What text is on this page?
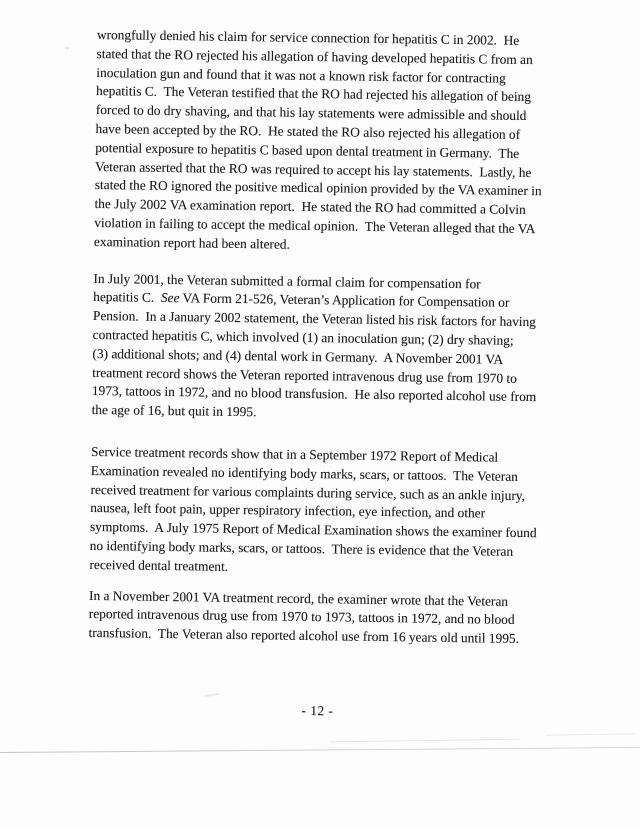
wrongfully denied his claim for service connection for hepatitis C in 2002.  He
stated that the RO rejected his allegation of having developed hepatitis C from an
inoculation gun and found that it was not a known risk factor for contracting
hepatitis C.  The Veteran testified that the RO had rejected his allegation of being
forced to do dry shaving, and that his lay statements were admissible and should
have been accepted by the RO.  He stated the RO also rejected his allegation of
potential exposure to hepatitis C based upon dental treatment in Germany.  The
Veteran asserted that the RO was required to accept his lay statements.  Lastly, he
stated the RO ignored the positive medical opinion provided by the VA examiner in
the July 2002 VA examination report.  He stated the RO had committed a Colvin
violation in failing to accept the medical opinion.  The Veteran alleged that the VA
examination report had been altered.
In July 2001, the Veteran submitted a formal claim for compensation for
hepatitis C.  See VA Form 21-526, Veteran’s Application for Compensation or
Pension.  In a January 2002 statement, the Veteran listed his risk factors for having
contracted hepatitis C, which involved (1) an inoculation gun; (2) dry shaving;
(3) additional shots; and (4) dental work in Germany.  A November 2001 VA
treatment record shows the Veteran reported intravenous drug use from 1970 to
1973, tattoos in 1972, and no blood transfusion.  He also reported alcohol use from
the age of 16, but quit in 1995.
Service treatment records show that in a September 1972 Report of Medical
Examination revealed no identifying body marks, scars, or tattoos.  The Veteran
received treatment for various complaints during service, such as an ankle injury,
nausea, left foot pain, upper respiratory infection, eye infection, and other
symptoms.  A July 1975 Report of Medical Examination shows the examiner found
no identifying body marks, scars, or tattoos.  There is evidence that the Veteran
received dental treatment.
In a November 2001 VA treatment record, the examiner wrote that the Veteran
reported intravenous drug use from 1970 to 1973, tattoos in 1972, and no blood
transfusion.  The Veteran also reported alcohol use from 16 years old until 1995.
- 12 -
